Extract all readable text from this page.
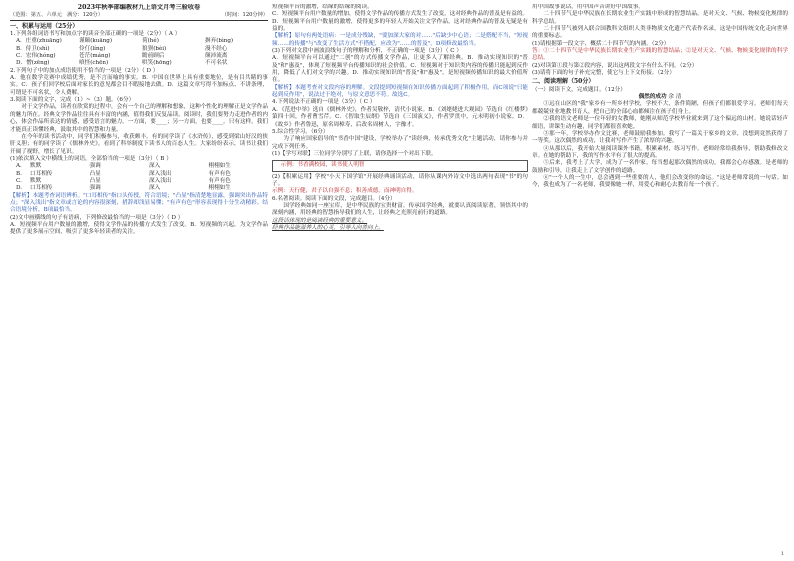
2023年秋季部编教材九上语文月考三验收卷
（范围：第五、六单元　满分：120分）	（时间：120分钟）
一、积累与运用（25分）

1.下列各组词语书写和加点字的读音全部正确的一项是（2分）（ A ）

A．庄重(zhuāng)	谨颐(kuāng)	荷(hé)	摒弃(bìng)
B．侍卫(shì)	伶仃(líng)	狼狈(bèi)	漫不经心
C．宏伟(hóng)	苍茫(máng)	瞻前顾后	颠沛流离
D．憎(zēng)	嗔怪(chēn)	哄笑(hōng)	不可名状

2.下列句子中的加点成语使用不恰当的一项是（2分）（ D ）

A．他在数学竞赛中成绩优秀，是不言而喻的事实。B．中国在世界上具有重要地位，是有目共睹的事实。C．孩子们回学校后面对家长的意见都会目不暇接地去做。D．这篇文章写得不加标点、不讲条理，可谓是不可名状，令人费解。

3.阅读下面的文字，完成（1）~（3）题。（6分）

　　对于文学作品，读者在欣赏的过程中，会有一个自己的理解和想象，这种个性化的理解正是文学作品的魅力所在。经典文学作品往往具有丰富的内涵，值得我们反复品读。阅读时，我们要努力走进作者的内心，体会作品所表达的情感，感受语言的魅力。一方面，要____；另一方面，也要____。只有这样，我们才能真正读懂经典，汲取其中的智慧和力量。

　　在今年的读书活动中，同学们积极参与，收获颇丰。有的同学读了《水浒传》，感受到梁山好汉的侠肝义胆；有的同学读了《儒林外史》，看到了科举制度下读书人的百态人生。大家纷纷表示，读书让我们开阔了视野，增长了见识。

(1)依次填入文中横线上的词语，全部恰当的一项是（3分）（ B ）

A.	默默	强调	深入	栩栩如生
B.	口耳相传	凸显	深入浅出	有声有色
C.	默默	凸显	深入浅出	有声有色
D.	口耳相传	强调	深入	栩栩如生

【解析】本题考查词语辨析。"口耳相传"指口头传授，符合语境；"凸显"指清楚地显露，强调突出作品特点；"深入浅出"指文章或言论的内容很深刻，措辞却浅显易懂；"有声有色"形容表现得十分生动精彩。结合语境分析，B项最恰当。

(2)文中画横线的句子有语病，下列修改最恰当的一项是（3分）（ D ）

A．短视频平台用户数量的激增，使得文学作品的传播方式发生了改变。B．短视频的兴起，为文学作品提供了更多展示空间，吸引了更多年轻读者的关注。

短视频平台的激增，结缘的结缘的阅读。

C．短视频平台用户数量的增加，使得文学作品的传播方式发生了改变，这对经典作品的普及是有益的。

D．短视频平台用户数量的激增，使得更多的年轻人开始关注文学作品，这对经典作品的普及无疑是有益的。

【解析】原句有两处语病：一是成分残缺，"要加深大家的对……"后缺少中心语；二是搭配不当，"短视频……的传播"与"改变了生活方式"不搭配，应改为"……的普及"。D项修改最恰当。

(3)下列对文段中画波浪线句子的理解和分析，不正确的一项是（3分）（ C ）

A．短视频平台可以通过"二创"的方式传播文学作品，让更多人了解经典。B．推动实现知识的"普及"和"惠及"，体现了短视频平台传播知识的社会价值。C．短视频对于知识类内容的传播只能起到反作用，降低了人们对文学的兴趣。D．推动实现知识的"普及"和"惠及"，是短视频传播知识的最大价值所在。

【解析】本题考查对文段内容的理解。文段提到短视频在知识传播方面起到了积极作用，而C项说"只能起到反作用"，说法过于绝对，与原文意思不符。故选C。

4.下列说法不正确的一项是（3分）（ C ）

A．《范进中举》选自《儒林外史》，作者吴敬梓，清代小说家。B．《刘姥姥进大观园》节选自《红楼梦》第四十回，作者曹雪芹。C．《智取生辰纲》节选自《三国演义》，作者罗贯中，元末明初小说家。D．《故乡》作者鲁迅，原名周樟寿，后改名周树人，字豫才。

5.综合性学习。（6分）

　　为了响应国家倡导的"书香中国"建设，学校举办了"读经典，传承优秀文化"主题活动，请你参与并完成下列任务。

(1)【学写对联】三位同学分别写了上联，请你选择一个对出下联。

　示例：书香满校园，读书使人明智

(2)【积累运用】学校"小天下国学馆"开展经典诵读活动，请你从课内外诗文中选出两句表现"书"的句子。

示例：天行健，君子以自强不息；积善成德，而神明自得。

6.名著阅读。阅读下面的文段，完成题目。（4分）

　　国学经典如同一座宝库，是中华民族的宝贵财富。传承国学经典，就要认真阅读原著，领悟其中的深刻内涵，用经典的智慧指导我们的人生，让经典之光照亮前行的道路。

这段话体现的是阅读经典的重要意义。

经典作品能滋养人的心灵，引导人向善向上。

用中国故事说话，用中国声音讲好中国故事。

　　二十四节气是中华民族在长期农业生产实践中形成的智慧结晶，是对天文、气候、物候变化规律的科学总结。

　　二十四节气被列入联合国教科文组织人类非物质文化遗产代表作名录，这是中国传统文化走向世界的重要标志。

(1)请根据第一段文字，概括二十四节气的内涵。（2分）

答：①二十四节气是中华民族长期农业生产实践的智慧结晶；②是对天文、气候、物候变化规律的科学总结。

(2)对读第①段与第②段内容，说出这两段文字有什么不同。（2分）

(3)请将下面的句子补充完整，使它与上下文衔接。（2分）

二、阅读理解（50分）

（一）阅读下文，完成题目。（12分）

偶然的成功 余 清

　　①远在山区的"我"家乡有一所乡村学校，学校不大，条件简陋，但孩子们都很爱学习。老师们每天都兢兢业业地教书育人，把自己的全部心血都倾注在孩子们身上。

　　②我的语文老师是一位年轻的女教师，她刚从师范学校毕业就来到了这个偏远的山村。她说话轻声细语，讲课生动有趣，同学们都很喜欢她。

　　③那一年，学校举办作文比赛，老师鼓励我参加。我写了一篇关于家乡的文章，没想到竟然获得了一等奖。这次偶然的成功，让我对写作产生了浓厚的兴趣。

　　④从那以后，我开始大量阅读课外书籍，积累素材，练习写作。老师经常给我指导，帮助我修改文章。在她的帮助下，我的写作水平有了很大的提高。

　　⑤后来，我考上了大学，成为了一名作家。每当想起那次偶然的成功，我都会心存感激。是老师的鼓励和引导，让我走上了文学创作的道路。

　　⑥"一个人的一生中，总会遇到一些重要的人，他们会改变你的命运。"这是老师常说的一句话。如今，我也成为了一名老师，我要像她一样，用爱心和耐心去教育每一个孩子。

1
